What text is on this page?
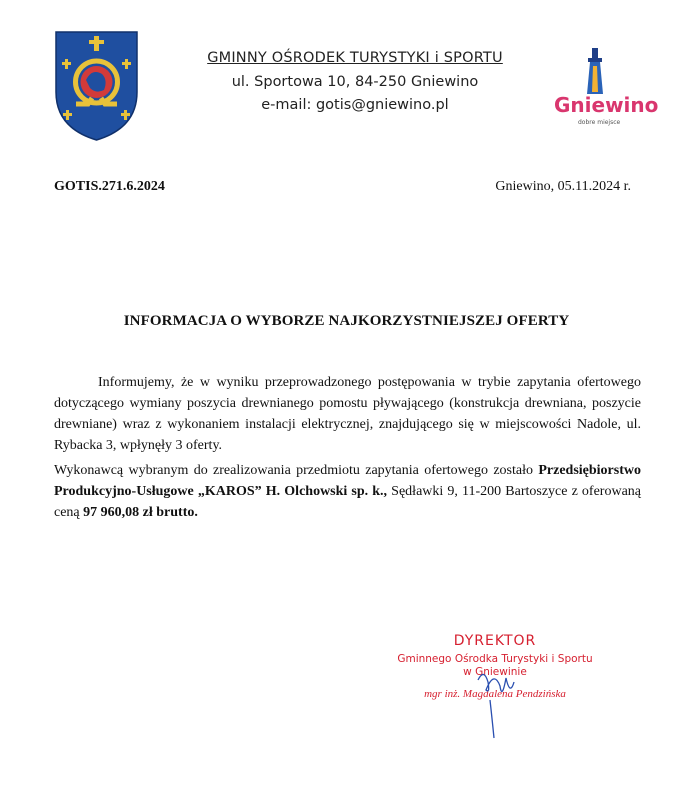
GMINNY OŚRODEK TURYSTYKI i SPORTU
ul. Sportowa 10, 84-250 Gniewino
e-mail: gotis@gniewino.pl	Gniewino
dobre miejsce
GOTIS.271.6.2024	Gniewino, 05.11.2024 r.
INFORMACJA O WYBORZE NAJKORZYSTNIEJSZEJ OFERTY

Informujemy, że w wyniku przeprowadzonego postępowania w trybie zapytania ofertowego dotyczącego wymiany poszycia drewnianego pomostu pływającego (konstrukcja drewniana, poszycie drewniane) wraz z wykonaniem instalacji elektrycznej, znajdującego się w miejscowości Nadole, ul. Rybacka 3, wpłynęły 3 oferty.

Wykonawcą wybranym do zrealizowania przedmiotu zapytania ofertowego zostało Przedsiębiorstwo Produkcyjno-Usługowe „KAROS” H. Olchowski sp. k., Sędławki 9, 11-200 Bartoszyce z oferowaną ceną 97 960,08 zł brutto.

DYREKTOR
Gminnego Ośrodka Turystyki i Sportu
w Gniewinie
mgr inż. Magdalena Pendzińska
